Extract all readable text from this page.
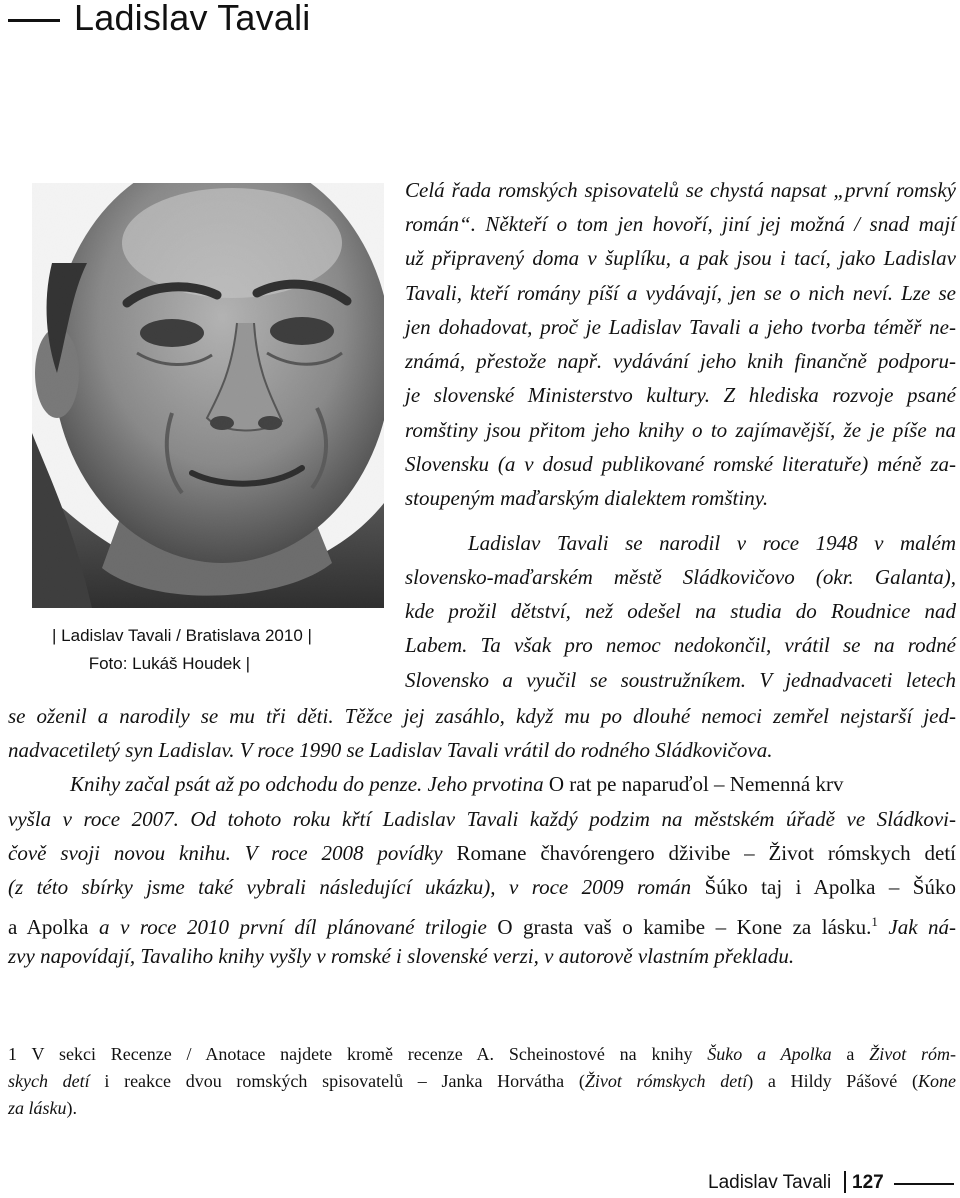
Ladislav Tavali
| Ladislav Tavali / Bratislava 2010 |
Foto: Lukáš Houdek |
Celá řada romských spisovatelů se chystá napsat „první romský
román“. Někteří o tom jen hovoří, jiní jej možná / snad mají
už připravený doma v šuplíku, a pak jsou i tací, jako Ladislav
Tavali, kteří romány píší a vydávají, jen se o nich neví. Lze se
jen dohadovat, proč je Ladislav Tavali a jeho tvorba téměř ne-
známá, přestože např. vydávání jeho knih finančně podporu-
je slovenské Ministerstvo kultury. Z hlediska rozvoje psané
romštiny jsou přitom jeho knihy o to zajímavější, že je píše na
Slovensku (a v dosud publikované romské literatuře) méně za-
stoupeným maďarským dialektem romštiny.
Ladislav Tavali se narodil v roce 1948 v malém
slovensko-maďarském městě Sládkovičovo (okr. Galanta),
kde prožil dětství, než odešel na studia do Roudnice nad
Labem. Ta však pro nemoc nedokončil, vrátil se na rodné
Slovensko a vyučil se soustružníkem. V jednadvaceti letech
se oženil a narodily se mu tři děti. Těžce jej zasáhlo, když mu po dlouhé nemoci zemřel nejstarší jed-
nadvacetiletý syn Ladislav. V roce 1990 se Ladislav Tavali vrátil do rodného Sládkovičova.
Knihy začal psát až po odchodu do penze. Jeho prvotina O rat pe naparuďol – Nemenná krv
vyšla v roce 2007. Od tohoto roku křtí Ladislav Tavali každý podzim na městském úřadě ve Sládkovi-
čově svoji novou knihu. V roce 2008 povídky Romane čhavórengero dživibe – Život rómskych detí
(z této sbírky jsme také vybrali následující ukázku), v roce 2009 román Šúko taj i Apolka – Šúko
a Apolka a v roce 2010 první díl plánované trilogie O grasta vaš o kamibe – Kone za lásku.$^1$ Jak ná-
zvy napovídají, Tavaliho knihy vyšly v romské i slovenské verzi, v autorově vlastním překladu.
1 V sekci Recenze / Anotace najdete kromě recenze A. Scheinostové na knihy Šuko a Apolka a Život róm-
skych detí i reakce dvou romských spisovatelů – Janka Horvátha (Život rómskych detí) a Hildy Pášové (Kone
za lásku).
Ladislav Tavali 127
